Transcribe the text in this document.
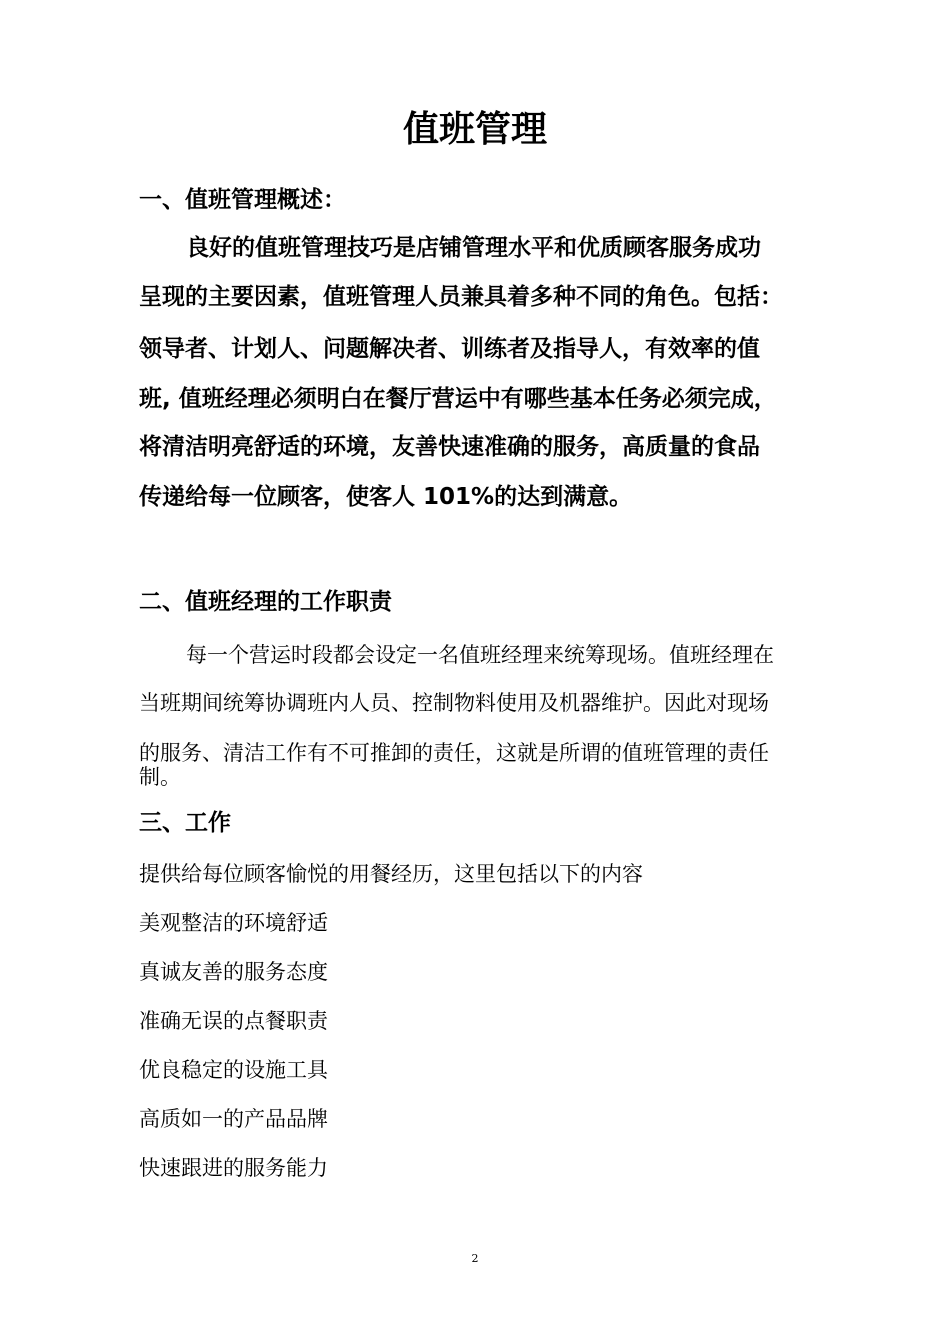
值班管理
一、值班管理概述：

良好的值班管理技巧是店铺管理水平和优质顾客服务成功

呈现的主要因素，值班管理人员兼具着多种不同的角色。包括：

领导者、计划人、问题解决者、训练者及指导人，有效率的值

班, 值班经理必须明白在餐厅营运中有哪些基本任务必须完成，

将清洁明亮舒适的环境，友善快速准确的服务，高质量的食品

传递给每一位顾客，使客人 101%的达到满意。

二、值班经理的工作职责

每一个营运时段都会设定一名值班经理来统筹现场。值班经理在

当班期间统筹协调班内人员、控制物料使用及机器维护。因此对现场

的服务、清洁工作有不可推卸的责任，这就是所谓的值班管理的责任

制。

三、工作

提供给每位顾客愉悦的用餐经历，这里包括以下的内容

美观整洁的环境舒适

真诚友善的服务态度

准确无误的点餐职责

优良稳定的设施工具

高质如一的产品品牌

快速跟进的服务能力

2
